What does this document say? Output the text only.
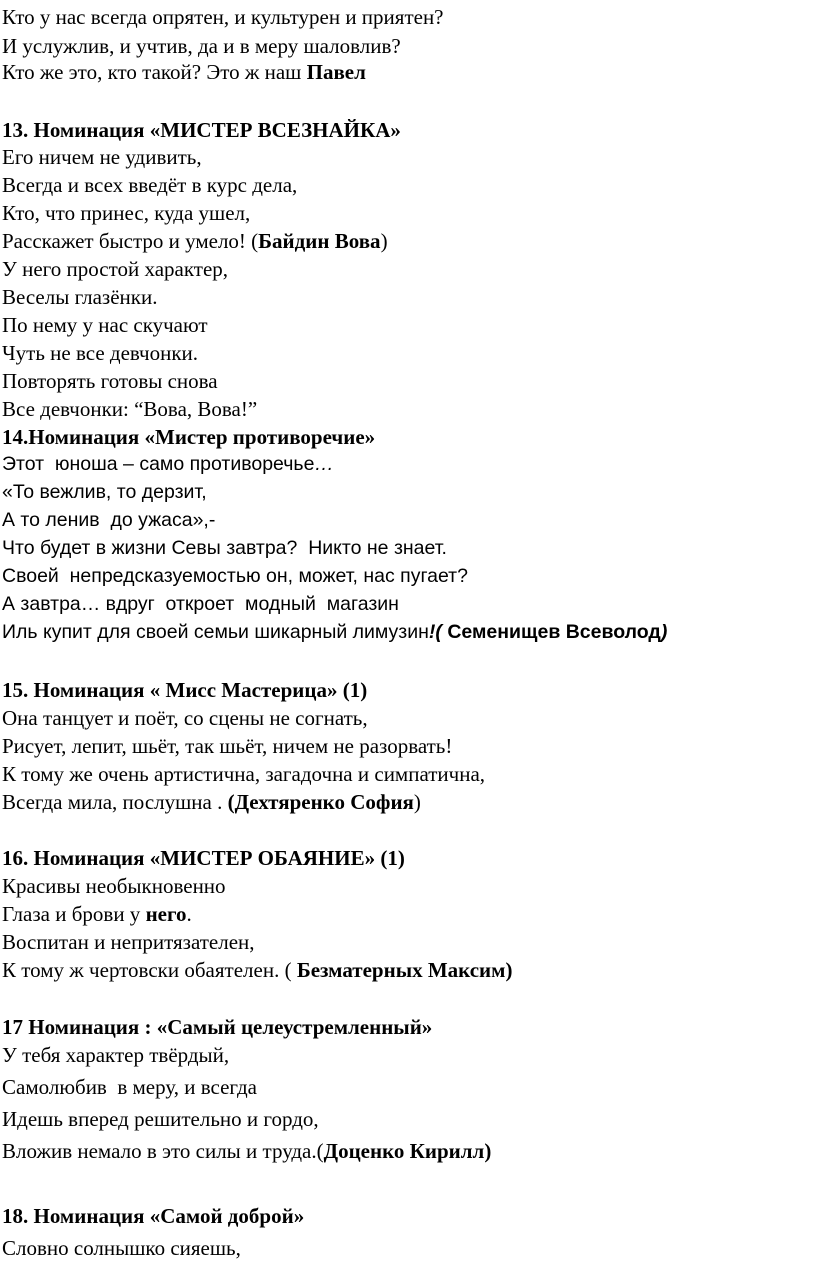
Кто у нас всегда опрятен, и культурен и приятен?
И услужлив, и учтив, да и в меру шаловлив?
Кто же это, кто такой? Это ж наш Павел
13. Номинация «МИСТЕР ВСЕЗНАЙКА»
Его ничем не удивить,
Всегда и всех введёт в курс дела,
Кто, что принес, куда ушел,
Расскажет быстро и умело! (Байдин Вова)
У него простой характер,
Веселы глазёнки.
По нему у нас скучают
Чуть не все девчонки.
Повторять готовы снова
Все девчонки: “Вова, Вова!”
14.Номинация «Мистер противоречие»
Этот  юноша – само противоречье…
«То вежлив, то дерзит,
А то ленив  до ужаса»,-
Что будет в жизни Севы завтра?  Никто не знает.
Своей  непредсказуемостью он, может, нас пугает?
А завтра… вдруг  откроет  модный  магазин
Иль купит для своей семьи шикарный лимузин!( Семенищев Всеволод)
15. Номинация « Мисс Мастерица» (1)
Она танцует и поёт, со сцены не согнать,
Рисует, лепит, шьёт, так шьёт, ничем не разорвать!
К тому же очень артистична, загадочна и симпатична,
Всегда мила, послушна . (Дехтяренко София)
16. Номинация «МИСТЕР ОБАЯНИЕ» (1)
Красивы необыкновенно
Глаза и брови у него.
Воспитан и непритязателен,
К тому ж чертовски обаятелен. ( Безматерных Максим)
17 Номинация : «Самый целеустремленный»
У тебя характер твёрдый,
Самолюбив  в меру, и всегда
Идешь вперед решительно и гордо,
Вложив немало в это силы и труда.(Доценко Кирилл)
18. Номинация «Самой доброй»
Словно солнышко сияешь,
